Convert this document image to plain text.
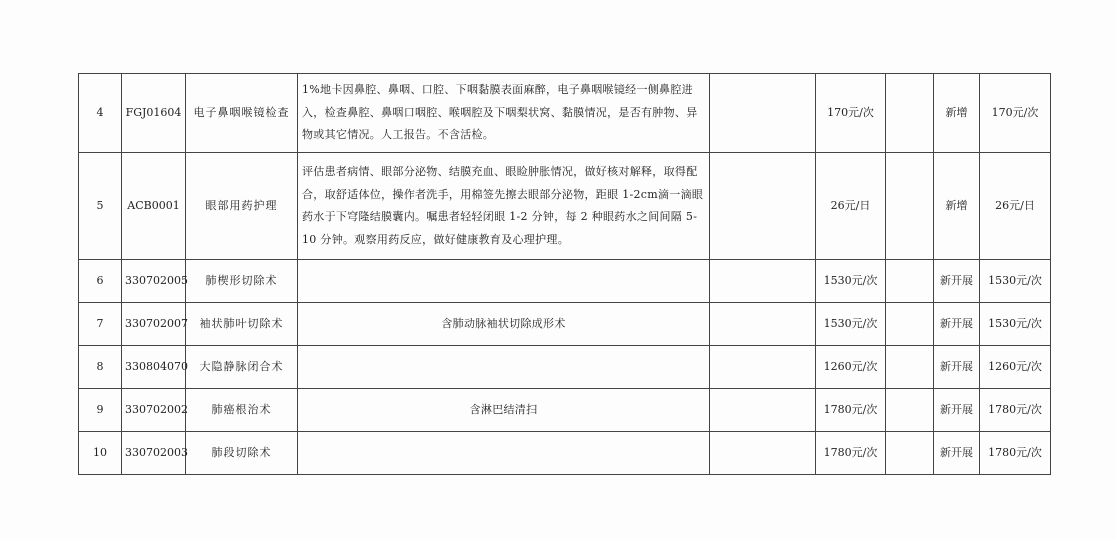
4	FGJ01604	电子鼻咽喉镜检查	1%地卡因鼻腔、鼻咽、口腔、下咽黏膜表面麻醉，电子鼻咽喉镜经一侧鼻腔进入，检查鼻腔、鼻咽口咽腔、喉咽腔及下咽梨状窝、黏膜情况，是否有肿物、异物或其它情况。人工报告。不含活检。		170元/次		新增	170元/次
5	ACB0001	眼部用药护理	评估患者病情、眼部分泌物、结膜充血、眼睑肿胀情况，做好核对解释，取得配合，取舒适体位，操作者洗手，用棉签先擦去眼部分泌物，距眼 1-2cm滴一滴眼药水于下穹隆结膜囊内。嘱患者轻轻闭眼 1-2 分钟，每 2 种眼药水之间间隔 5-10 分钟。观察用药反应，做好健康教育及心理护理。		26元/日		新增	26元/日
6	330702005	肺楔形切除术			1530元/次		新开展	1530元/次
7	330702007	袖状肺叶切除术	含肺动脉袖状切除成形术		1530元/次		新开展	1530元/次
8	330804070	大隐静脉闭合术			1260元/次		新开展	1260元/次
9	330702002	肺癌根治术	含淋巴结清扫		1780元/次		新开展	1780元/次
10	330702003	肺段切除术			1780元/次		新开展	1780元/次
